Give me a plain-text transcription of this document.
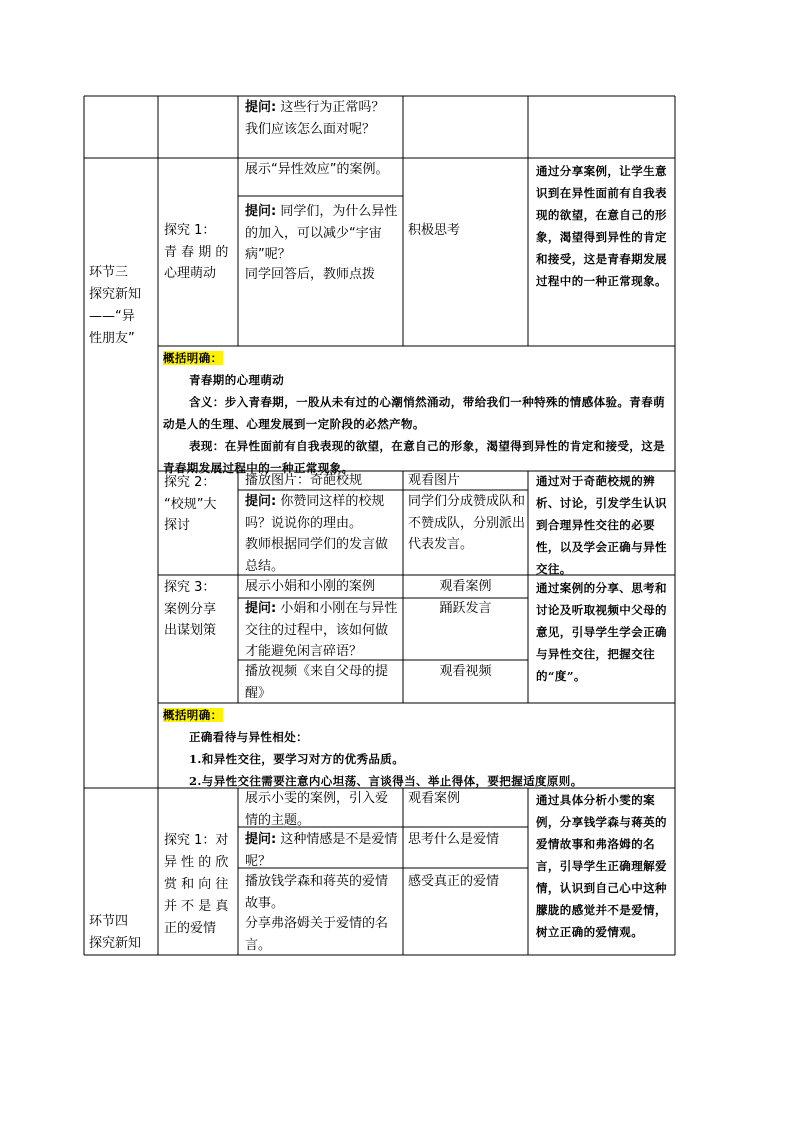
提问: 这些行为正常吗？
我们应该怎么面对呢？
环节三
探究新知
——“异
性朋友”
探究 1：
青 春 期 的
心理萌动
展示“异性效应”的案例。
提问: 同学们，为什么异性的加入，可以减少“宇宙病”呢？
同学回答后，教师点拨
积极思考
通过分享案例，让学生意识到在异性面前有自我表现的欲望，在意自己的形象，渴望得到异性的肯定和接受，这是青春期发展过程中的一种正常现象。
概括明确：
青春期的心理萌动

含义：步入青春期，一股从未有过的心潮悄然涌动，带给我们一种特殊的情感体验。青春萌动是人的生理、心理发展到一定阶段的必然产物。
表现：在异性面前有自我表现的欲望，在意自己的形象，渴望得到异性的肯定和接受，这是青春期发展过程中的一种正常现象。
探究 2：
“校规”大
探讨
播放图片：奇葩校规	观看图片
提问: 你赞同这样的校规吗？说说你的理由。
教师根据同学们的发言做总结。
同学们分成赞成队和不赞成队，分别派出代表发言。
通过对于奇葩校规的辨析、讨论，引发学生认识到合理异性交往的必要性，以及学会正确与异性交往。
探究 3：
案例分享
出谋划策
展示小娟和小刚的案例	观看案例
提问: 小娟和小刚在与异性交往的过程中，该如何做才能避免闲言碎语？
踊跃发言
播放视频《来自父母的提醒》
观看视频
通过案例的分享、思考和讨论及听取视频中父母的意见，引导学生学会正确与异性交往，把握交往的“度”。
概括明确：
正确看待与异性相处：
1.和异性交往，要学习对方的优秀品质。
2.与异性交往需要注意内心坦荡、言谈得当、举止得体，要把握适度原则。
环节四
探究新知
探究 1：对
异 性 的 欣
赏 和 向 往
并 不 是 真
正的爱情
展示小雯的案例，引入爱情的主题。
观看案例
提问: 这种情感是不是爱情呢？
思考什么是爱情
播放钱学森和蒋英的爱情故事。
分享弗洛姆关于爱情的名言。
感受真正的爱情
通过具体分析小雯的案例，分享钱学森与蒋英的爱情故事和弗洛姆的名言，引导学生正确理解爱情，认识到自己心中这种朦胧的感觉并不是爱情，树立正确的爱情观。
